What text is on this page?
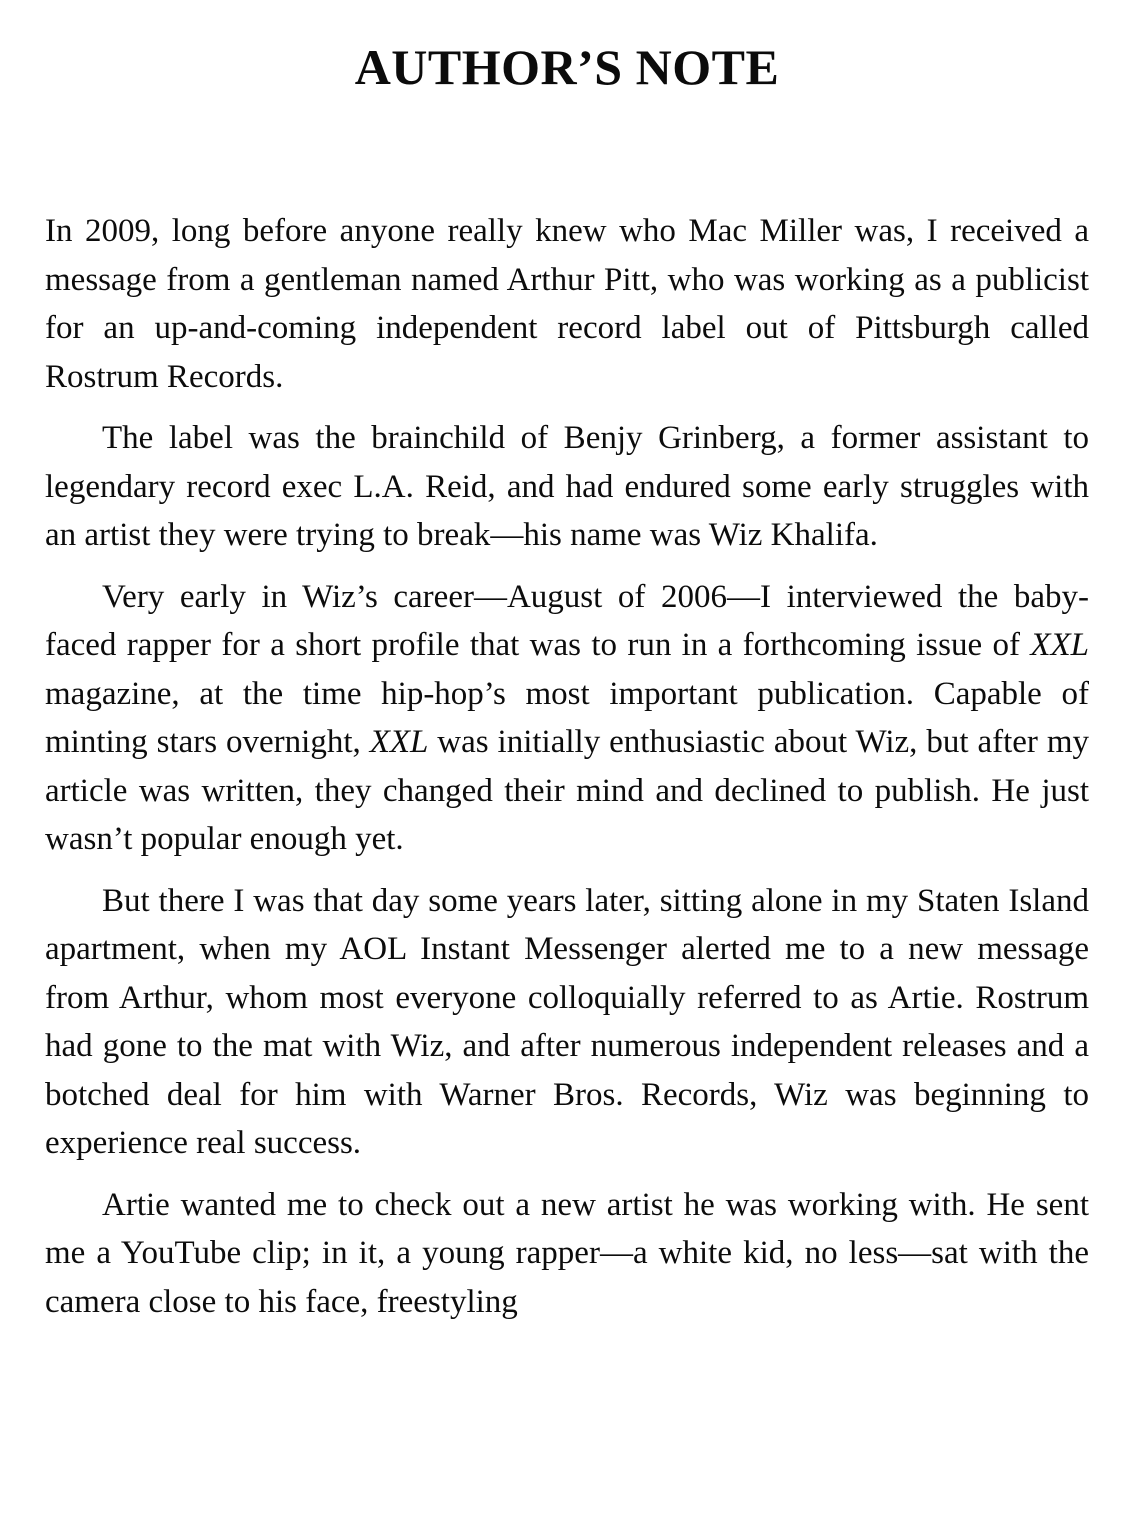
AUTHOR’S NOTE

In 2009, long before anyone really knew who Mac Miller was, I received a message from a gentleman named Arthur Pitt, who was working as a publicist for an up-and-coming independent record label out of Pittsburgh called Rostrum Records.

The label was the brainchild of Benjy Grinberg, a former assistant to legendary record exec L.A. Reid, and had endured some early struggles with an artist they were trying to break—his name was Wiz Khalifa.

Very early in Wiz’s career—August of 2006—I interviewed the baby-faced rapper for a short profile that was to run in a forthcoming issue of XXL magazine, at the time hip-hop’s most important publication. Capable of minting stars overnight, XXL was initially enthusiastic about Wiz, but after my article was written, they changed their mind and declined to publish. He just wasn’t popular enough yet.

But there I was that day some years later, sitting alone in my Staten Island apartment, when my AOL Instant Messenger alerted me to a new message from Arthur, whom most everyone colloquially referred to as Artie. Rostrum had gone to the mat with Wiz, and after numerous independent releases and a botched deal for him with Warner Bros. Records, Wiz was beginning to experience real success.

Artie wanted me to check out a new artist he was working with. He sent me a YouTube clip; in it, a young rapper—a white kid, no less—sat with the camera close to his face, freestyling
